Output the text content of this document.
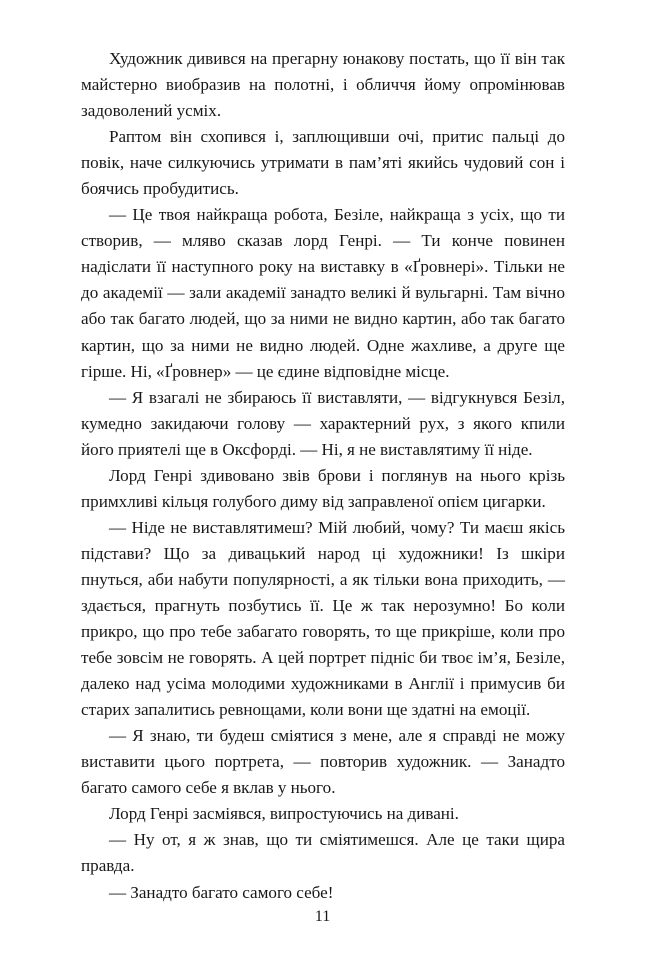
Художник дивився на прегарну юнакову постать, що її він так майстерно виобразив на полотні, і обличчя йому опромінював задоволений усміх.

Раптом він схопився і, заплющивши очі, притис пальці до повік, наче силкуючись утримати в пам’яті якийсь чудовий сон і боячись пробудитись.

— Це твоя найкраща робота, Безіле, найкраща з усіх, що ти створив, — мляво сказав лорд Генрі. — Ти конче повинен надіслати її наступного року на виставку в «Ґровнері». Тільки не до академії — зали академії занадто великі й вульгарні. Там вічно або так багато людей, що за ними не видно картин, або так багато картин, що за ними не видно людей. Одне жахливе, а друге ще гірше. Ні, «Ґровнер» — це єдине відповідне місце.

— Я взагалі не збираюсь її виставляти, — відгукнувся Безіл, кумедно закидаючи голову — характерний рух, з якого кпили його приятелі ще в Оксфорді. — Ні, я не виставлятиму її ніде.

Лорд Генрі здивовано звів брови і поглянув на нього крізь примхливі кільця голубого диму від заправленої опієм цигарки.

— Ніде не виставлятимеш? Мій любий, чому? Ти маєш якісь підстави? Що за дивацький народ ці художники! Із шкіри пнуться, аби набути популярності, а як тільки вона приходить, — здається, прагнуть позбутись її. Це ж так нерозумно! Бо коли прикро, що про тебе забагато говорять, то ще прикріше, коли про тебе зовсім не говорять. А цей портрет підніс би твоє ім’я, Безіле, далеко над усіма молодими художниками в Англії і примусив би старих запалитись ревнощами, коли вони ще здатні на емоції.

— Я знаю, ти будеш сміятися з мене, але я справді не можу виставити цього портрета, — повторив художник. — Занадто багато самого себе я вклав у нього.

Лорд Генрі засміявся, випростуючись на дивані.

— Ну от, я ж знав, що ти сміятимешся. Але це таки щира правда.

— Занадто багато самого себе!

11
